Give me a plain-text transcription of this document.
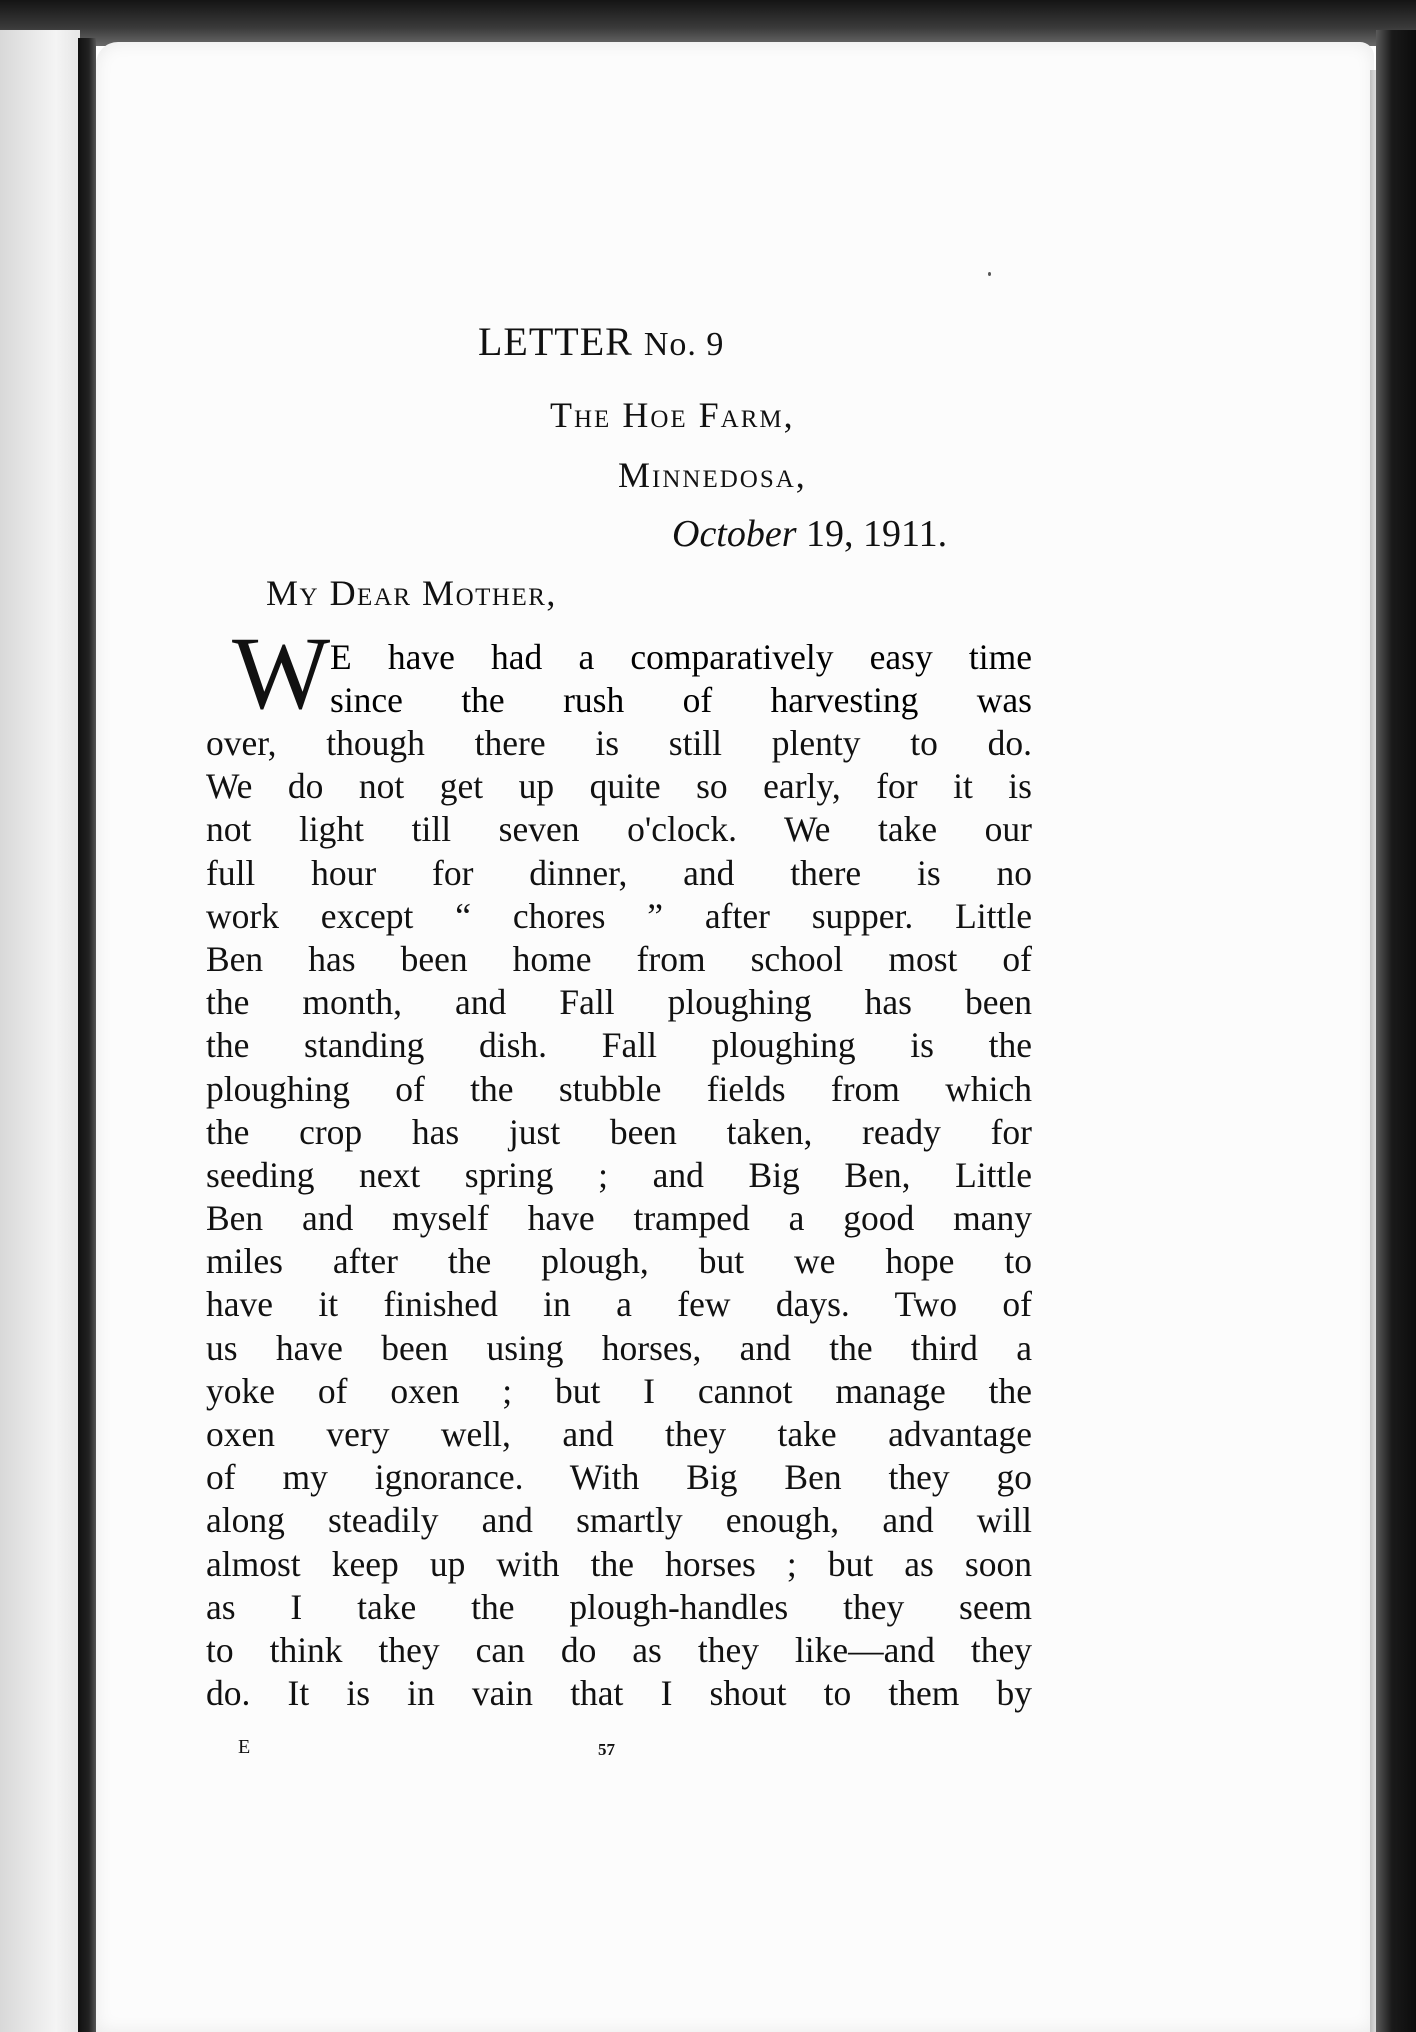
LETTER No. 9
The Hoe Farm,
Minnedosa,
October 19, 1911.
My Dear Mother,
W E have had a comparatively easy time
since the rush of harvesting was
over, though there is still plenty to do.
We do not get up quite so early, for it is
not light till seven o'clock. We take our
full hour for dinner, and there is no
work except “ chores ” after supper. Little
Ben has been home from school most of
the month, and Fall ploughing has been
the standing dish. Fall ploughing is the
ploughing of the stubble fields from which
the crop has just been taken, ready for
seeding next spring ; and Big Ben, Little
Ben and myself have tramped a good many
miles after the plough, but we hope to
have it finished in a few days. Two of
us have been using horses, and the third a
yoke of oxen ; but I cannot manage the
oxen very well, and they take advantage
of my ignorance. With Big Ben they go
along steadily and smartly enough, and will
almost keep up with the horses ; but as soon
as I take the plough-handles they seem
to think they can do as they like—and they
do. It is in vain that I shout to them by
E	57
